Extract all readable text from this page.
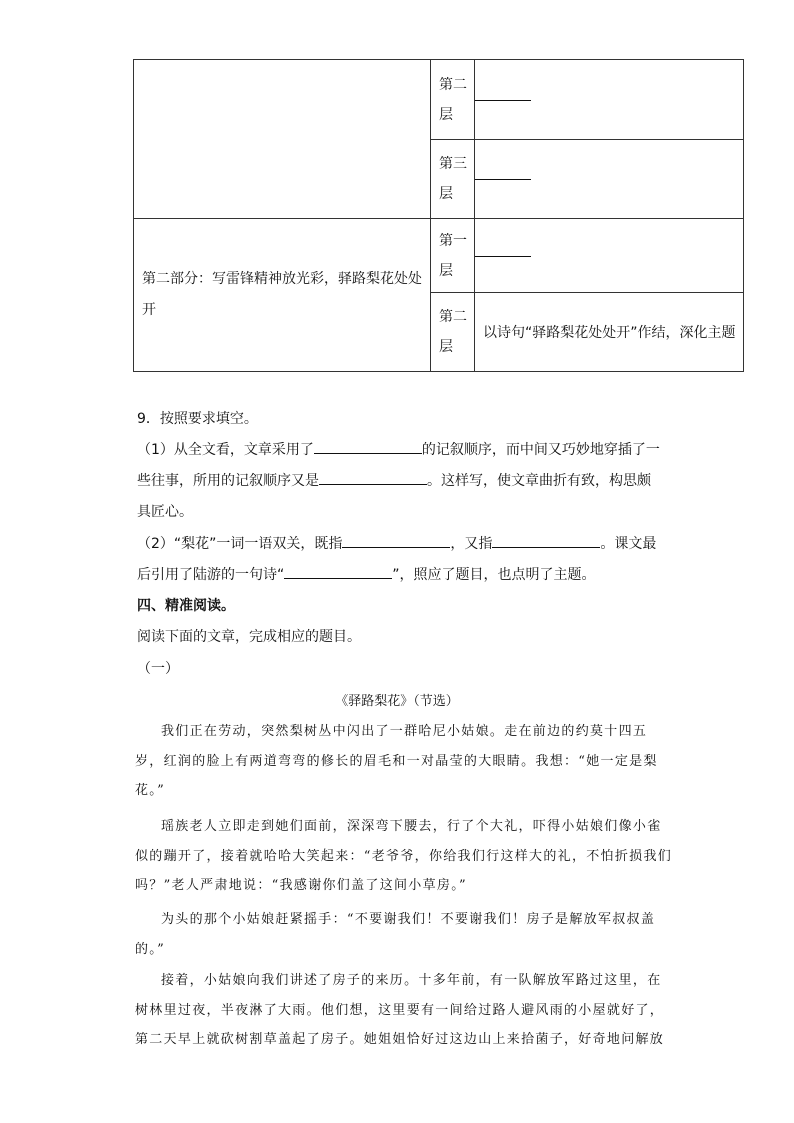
	第二
层	

	第三
层	

第二部分：写雷锋精神放光彩，驿路梨花处处
开	第一
层	

	第二
层	以诗句“驿路梨花处处开”作结，深化主题
9．按照要求填空。
（1）从全文看，文章采用了	的记叙顺序，而中间又巧妙地穿插了一
些往事，所用的记叙顺序又是	。这样写，使文章曲折有致，构思颇
具匠心。
（2）“梨花”一词一语双关，既指	，又指	。课文最
后引用了陆游的一句诗“	”，照应了题目，也点明了主题。
四、精准阅读。
阅读下面的文章，完成相应的题目。
（一）
《驿路梨花》（节选）
我们正在劳动，突然梨树丛中闪出了一群哈尼小姑娘。走在前边的约莫十四五
岁，红润的脸上有两道弯弯的修长的眉毛和一对晶莹的大眼睛。我想：“她一定是梨
花。”
瑶族老人立即走到她们面前，深深弯下腰去，行了个大礼，吓得小姑娘们像小雀
似的蹦开了，接着就哈哈大笑起来：“老爷爷，你给我们行这样大的礼，不怕折损我们
吗？”老人严肃地说：“我感谢你们盖了这间小草房。”
为头的那个小姑娘赶紧摇手：“不要谢我们！不要谢我们！房子是解放军叔叔盖
的。”
接着，小姑娘向我们讲述了房子的来历。十多年前，有一队解放军路过这里，在
树林里过夜，半夜淋了大雨。他们想，这里要有一间给过路人避风雨的小屋就好了，
第二天早上就砍树割草盖起了房子。她姐姐恰好过这边山上来拾菌子，好奇地问解放
